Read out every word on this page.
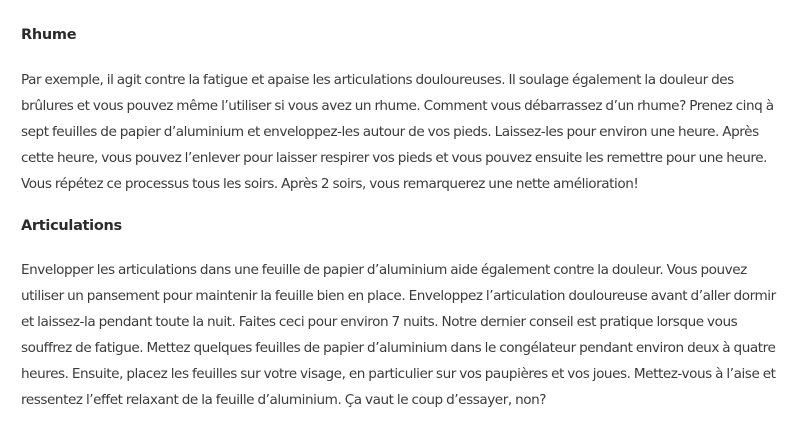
Rhume

Par exemple, il agit contre la fatigue et apaise les articulations douloureuses. Il soulage également la douleur des brûlures et vous pouvez même l’utiliser si vous avez un rhume. Comment vous débarrassez d’un rhume? Prenez cinq à sept feuilles de papier d’aluminium et enveloppez-les autour de vos pieds. Laissez-les pour environ une heure. Après cette heure, vous pouvez l’enlever pour laisser respirer vos pieds et vous pouvez ensuite les remettre pour une heure. Vous répétez ce processus tous les soirs. Après 2 soirs, vous remarquerez une nette amélioration!

Articulations

Envelopper les articulations dans une feuille de papier d’aluminium aide également contre la douleur. Vous pouvez utiliser un pansement pour maintenir la feuille bien en place. Enveloppez l’articulation douloureuse avant d’aller dormir et laissez-la pendant toute la nuit. Faites ceci pour environ 7 nuits. Notre dernier conseil est pratique lorsque vous souffrez de fatigue. Mettez quelques feuilles de papier d’aluminium dans le congélateur pendant environ deux à quatre heures. Ensuite, placez les feuilles sur votre visage, en particulier sur vos paupières et vos joues. Mettez-vous à l’aise et ressentez l’effet relaxant de la feuille d’aluminium. Ça vaut le coup d’essayer, non?
